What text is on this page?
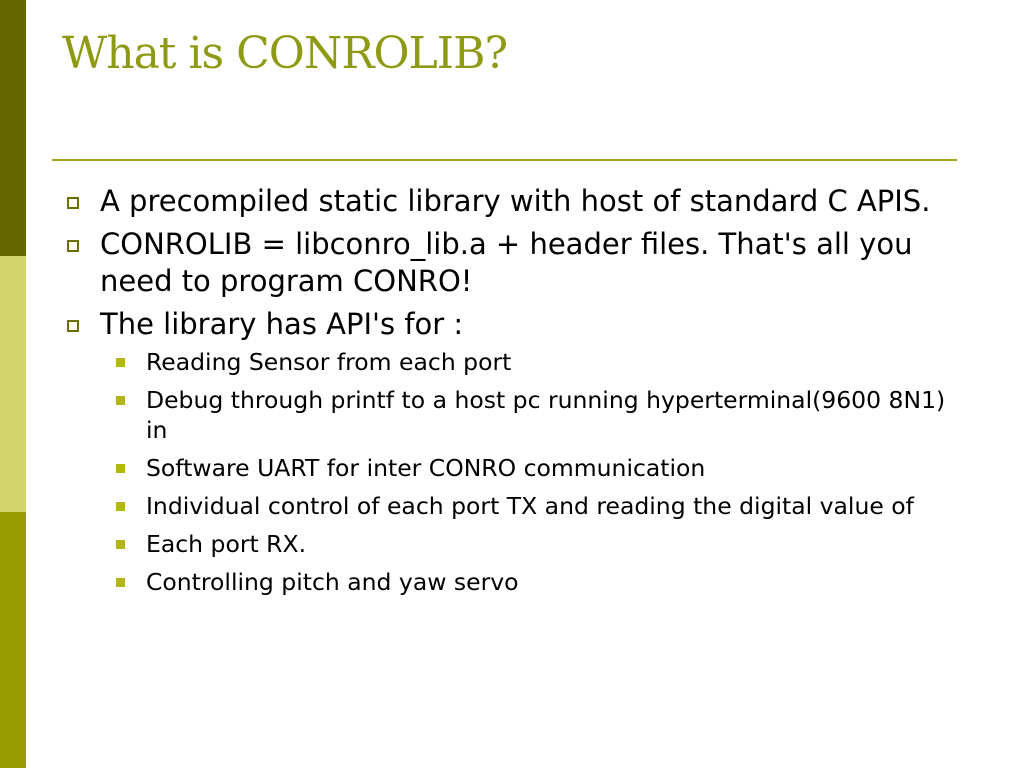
What is CONROLIB?
A precompiled static library with host of standard C APIS.
CONROLIB = libconro_lib.a + header files. That's all you need to program CONRO!
The library has API's for :
Reading Sensor from each port
Debug through printf to a host pc running hyperterminal(9600 8N1) in
Software UART for inter CONRO communication
Individual control of each port TX and reading the digital value of
Each port RX.
Controlling pitch and yaw servo
